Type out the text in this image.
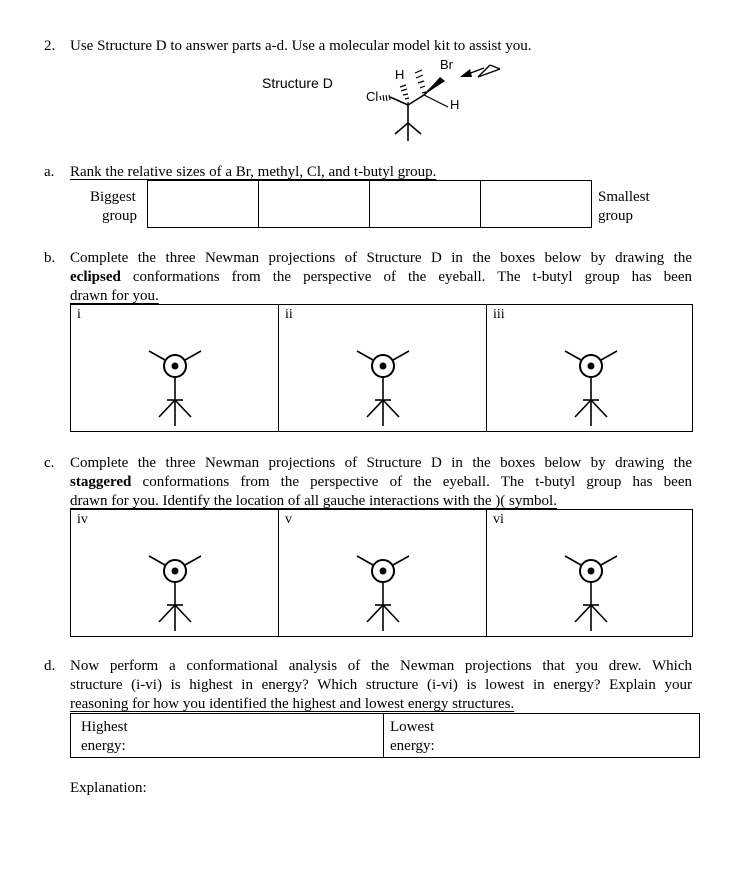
2. Use Structure D to answer parts a-d. Use a molecular model kit to assist you.
Structure D
H
Br
Cl
H
a. Rank the relative sizes of a Br, methyl, Cl, and t-butyl group.
Biggest
group
Smallest
group
b. Complete the three Newman projections of Structure D in the boxes below by drawing the
eclipsed conformations from the perspective of the eyeball. The t-butyl group has been
drawn for you.
i	ii	iii
c. Complete the three Newman projections of Structure D in the boxes below by drawing the
staggered conformations from the perspective of the eyeball. The t-butyl group has been
drawn for you. Identify the location of all gauche interactions with the )( symbol.
iv	v	vi
d. Now perform a conformational analysis of the Newman projections that you drew. Which
structure (i-vi) is highest in energy? Which structure (i-vi) is lowest in energy? Explain your
reasoning for how you identified the highest and lowest energy structures.
Highest
energy:
Lowest
energy:
Explanation:
